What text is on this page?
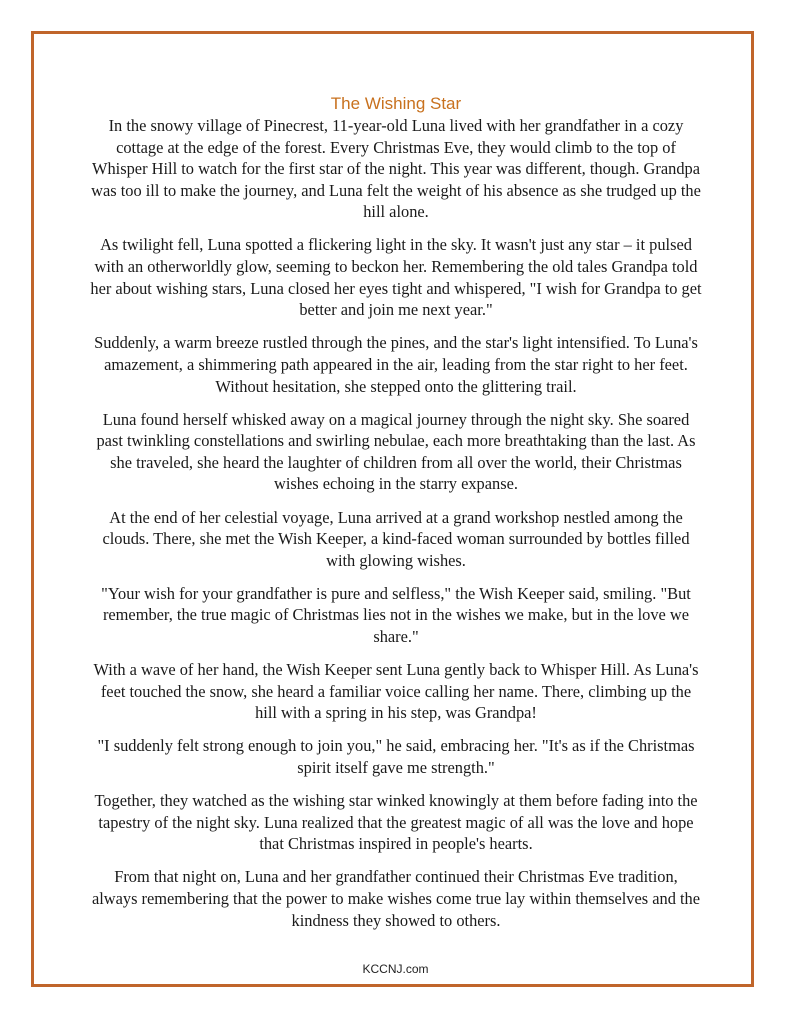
The Wishing Star

In the snowy village of Pinecrest, 11-year-old Luna lived with her grandfather in a cozy cottage at the edge of the forest. Every Christmas Eve, they would climb to the top of Whisper Hill to watch for the first star of the night. This year was different, though. Grandpa was too ill to make the journey, and Luna felt the weight of his absence as she trudged up the hill alone.

As twilight fell, Luna spotted a flickering light in the sky. It wasn't just any star – it pulsed with an otherworldly glow, seeming to beckon her. Remembering the old tales Grandpa told her about wishing stars, Luna closed her eyes tight and whispered, "I wish for Grandpa to get better and join me next year."

Suddenly, a warm breeze rustled through the pines, and the star's light intensified. To Luna's amazement, a shimmering path appeared in the air, leading from the star right to her feet. Without hesitation, she stepped onto the glittering trail.

Luna found herself whisked away on a magical journey through the night sky. She soared past twinkling constellations and swirling nebulae, each more breathtaking than the last. As she traveled, she heard the laughter of children from all over the world, their Christmas wishes echoing in the starry expanse.

At the end of her celestial voyage, Luna arrived at a grand workshop nestled among the clouds. There, she met the Wish Keeper, a kind-faced woman surrounded by bottles filled with glowing wishes.

"Your wish for your grandfather is pure and selfless," the Wish Keeper said, smiling. "But remember, the true magic of Christmas lies not in the wishes we make, but in the love we share."

With a wave of her hand, the Wish Keeper sent Luna gently back to Whisper Hill. As Luna's feet touched the snow, she heard a familiar voice calling her name. There, climbing up the hill with a spring in his step, was Grandpa!

"I suddenly felt strong enough to join you," he said, embracing her. "It's as if the Christmas spirit itself gave me strength."

Together, they watched as the wishing star winked knowingly at them before fading into the tapestry of the night sky. Luna realized that the greatest magic of all was the love and hope that Christmas inspired in people's hearts.

From that night on, Luna and her grandfather continued their Christmas Eve tradition, always remembering that the power to make wishes come true lay within themselves and the kindness they showed to others.

KCCNJ.com
